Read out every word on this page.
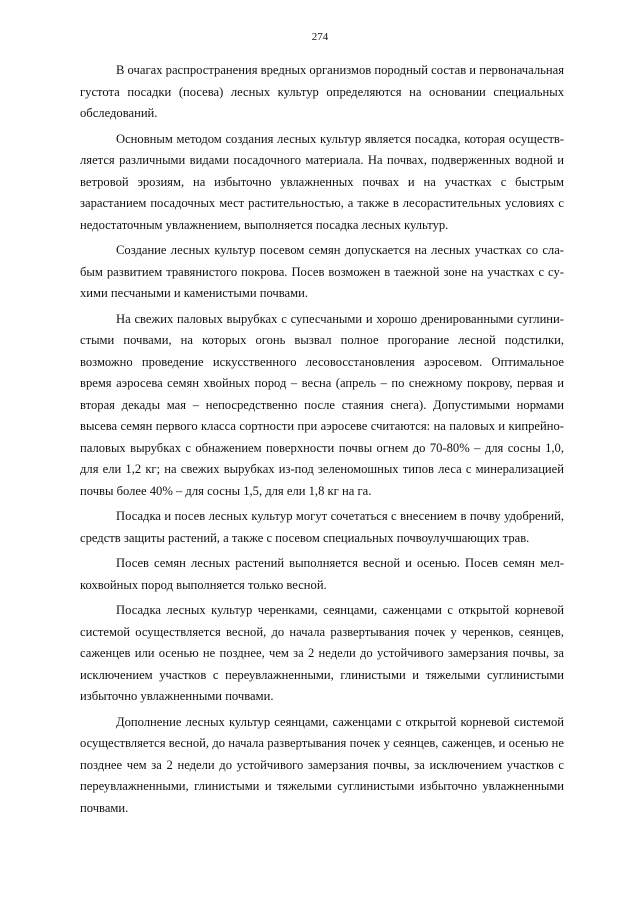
274

В очагах распространения вредных организмов породный состав и первоначальная густота посадки (посева) лесных культур определяются на основании специальных обследований.

Основным методом создания лесных культур является посадка, которая осуществляется различными видами посадочного материала. На почвах, подверженных водной и ветровой эрозиям, на избыточно увлажненных почвах и на участках с быстрым зарастанием посадочных мест растительностью, а также в лесорастительных условиях с недостаточным увлажнением, выполняется посадка лесных культур.

Создание лесных культур посевом семян допускается на лесных участках со слабым развитием травянистого покрова. Посев возможен в таежной зоне на участках с сухими песчаными и каменистыми почвами.

На свежих паловых вырубках с супесчаными и хорошо дренированными суглинистыми почвами, на которых огонь вызвал полное прогорание лесной подстилки, возможно проведение искусственного лесовосстановления аэросевом. Оптимальное время аэросева семян хвойных пород – весна (апрель – по снежному покрову, первая и вторая декады мая – непосредственно после стаяния снега). Допустимыми нормами высева семян первого класса сортности при аэросеве считаются: на паловых и кипрейно-паловых вырубках с обнажением поверхности почвы огнем до 70-80% – для сосны 1,0, для ели 1,2 кг; на свежих вырубках из-под зеленомошных типов леса с минерализацией почвы более 40% – для сосны 1,5, для ели 1,8 кг на га.

Посадка и посев лесных культур могут сочетаться с внесением в почву удобрений, средств защиты растений, а также с посевом специальных почвоулучшающих трав.

Посев семян лесных растений выполняется весной и осенью. Посев семян мелкохвойных пород выполняется только весной.

Посадка лесных культур черенками, сеянцами, саженцами с открытой корневой системой осуществляется весной, до начала развертывания почек у черенков, сеянцев, саженцев или осенью не позднее, чем за 2 недели до устойчивого замерзания почвы, за исключением участков с переувлажненными, глинистыми и тяжелыми суглинистыми избыточно увлажненными почвами.

Дополнение лесных культур сеянцами, саженцами с открытой корневой системой осуществляется весной, до начала развертывания почек у сеянцев, саженцев, и осенью не позднее чем за 2 недели до устойчивого замерзания почвы, за исключением участков с переувлажненными, глинистыми и тяжелыми суглинистыми избыточно увлажненными почвами.
